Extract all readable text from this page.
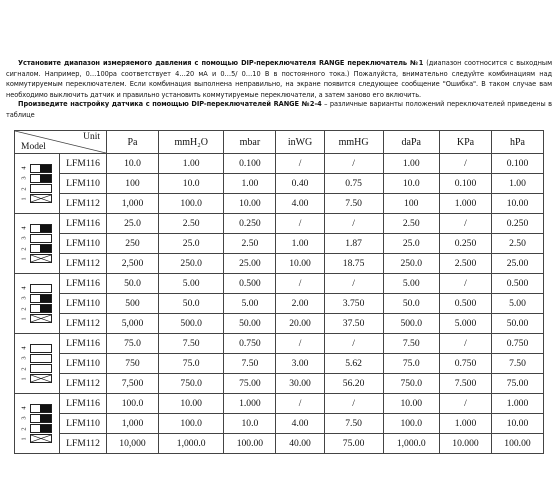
Установите диапазон измеряемого давления с помощью DIP-переключателя RANGE переключатель №1 (диапазон соотносится с выходным сигналом. Например, 0…100ра соответствует 4…20 мА и 0…5/ 0…10 В в постоянного тока.) Пожалуйста, внимательно следуйте комбинациям над коммутируемым переключателем. Если комбинация выполнена неправильно, на экране появится следующее сообщение "Ошибка". В таком случае вам необходимо выключить датчик и правильно установить коммутируемые переключатели, а затем заново его включить.

Произведите настройку датчика с помощью DIP-переключателей RANGE №2-4 – различные варианты положений переключателей приведены в таблице

Unit
Model		Pa	mmH₂O	mbar	inWG	mmHG	daPa	KPa	hPa

4
3
2
1	LFM116	10.0	1.00	0.100	/	/	1.00	/	0.100
	LFM110	100	10.0	1.00	0.40	0.75	10.0	0.100	1.00
	LFM112	1,000	100.0	10.00	4.00	7.50	100	1.000	10.00

4
3
2
1	LFM116	25.0	2.50	0.250	/	/	2.50	/	0.250
	LFM110	250	25.0	2.50	1.00	1.87	25.0	0.250	2.50
	LFM112	2,500	250.0	25.00	10.00	18.75	250.0	2.500	25.00

4
3
2
1	LFM116	50.0	5.00	0.500	/	/	5.00	/	0.500
	LFM110	500	50.0	5.00	2.00	3.750	50.0	0.500	5.00
	LFM112	5,000	500.0	50.00	20.00	37.50	500.0	5.000	50.00

4
3
2
1	LFM116	75.0	7.50	0.750	/	/	7.50	/	0.750
	LFM110	750	75.0	7.50	3.00	5.62	75.0	0.750	7.50
	LFM112	7,500	750.0	75.00	30.00	56.20	750.0	7.500	75.00

4
3
2
1	LFM116	100.0	10.00	1.000	/	/	10.00	/	1.000
	LFM110	1,000	100.0	10.0	4.00	7.50	100.0	1.000	10.00
	LFM112	10,000	1,000.0	100.00	40.00	75.00	1,000.0	10.000	100.00
